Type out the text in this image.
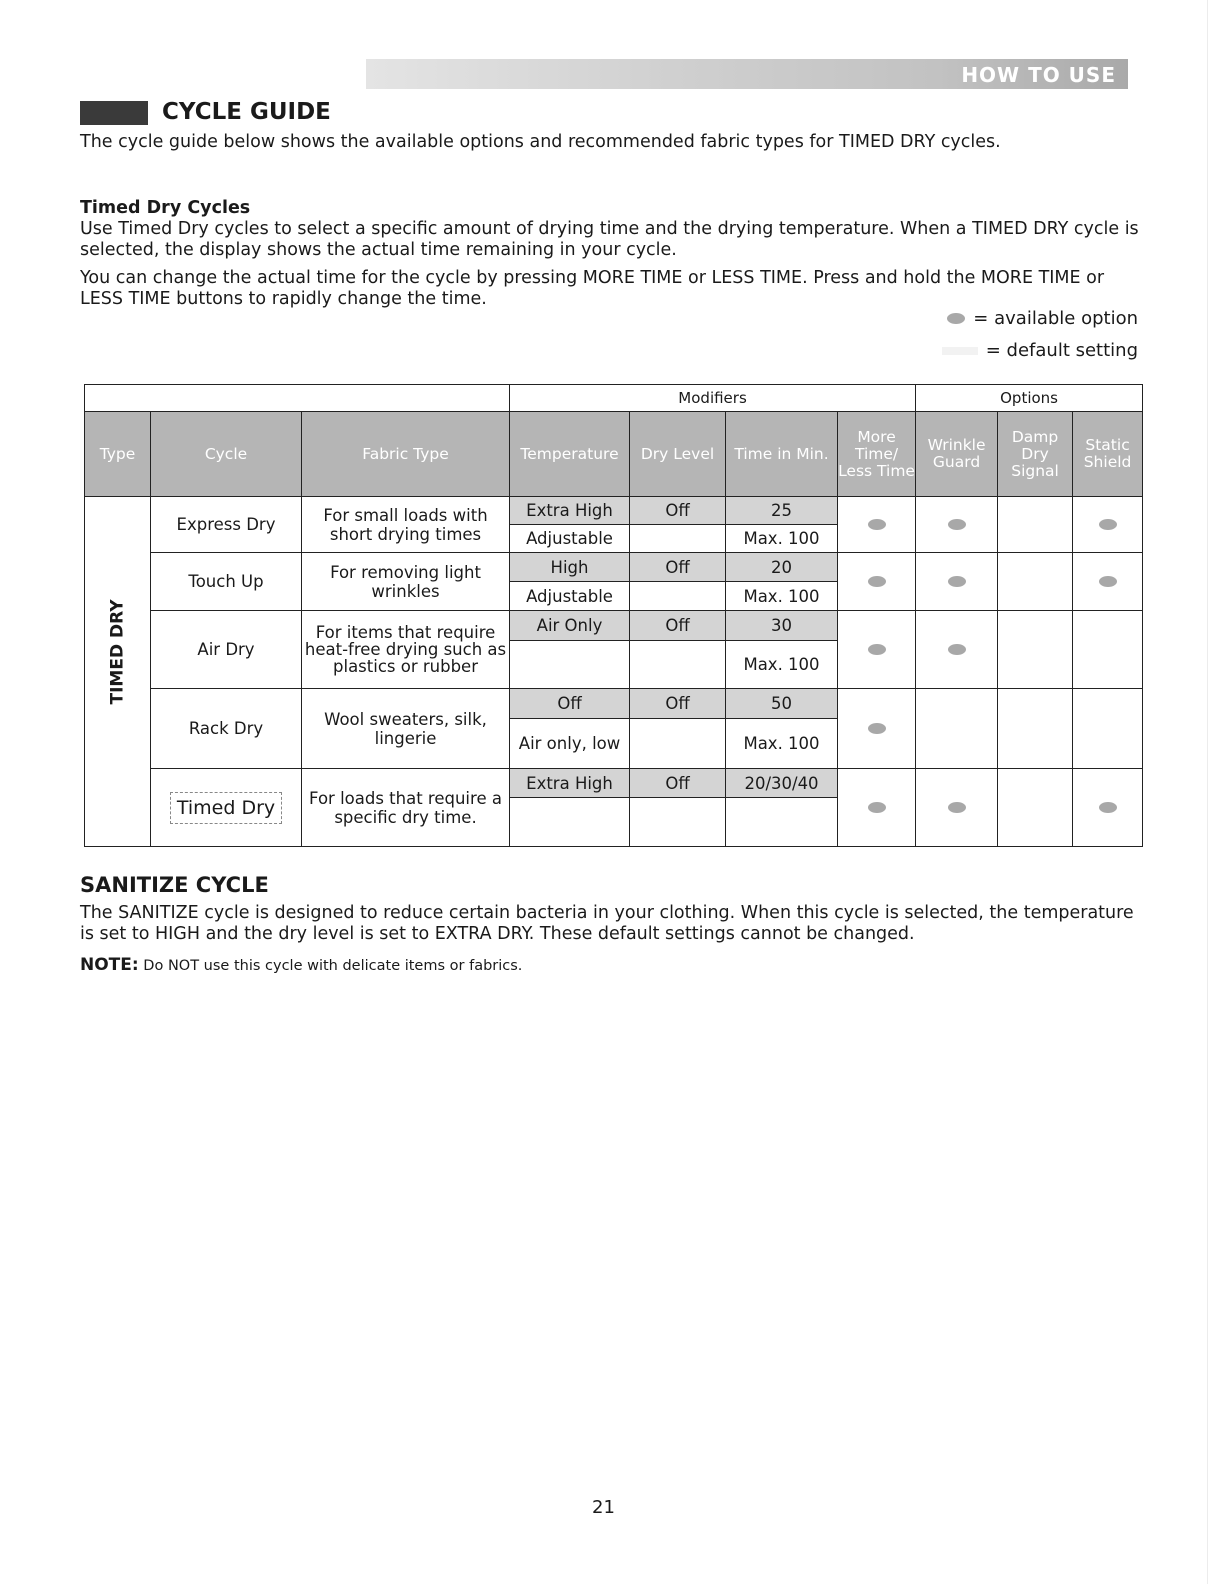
HOW TO USE
CYCLE GUIDE
The cycle guide below shows the available options and recommended fabric types for TIMED DRY cycles.
Timed Dry Cycles
Use Timed Dry cycles to select a specific amount of drying time and the drying temperature. When a TIMED DRY cycle is selected, the display shows the actual time remaining in your cycle.
You can change the actual time for the cycle by pressing MORE TIME or LESS TIME. Press and hold the MORE TIME or LESS TIME buttons to rapidly change the time.
= available option
= default setting
			Modifiers				Options		
Type	Cycle	Fabric Type	Temperature	Dry Level	Time in Min.	More Time/ Less Time	Wrinkle Guard	Damp Dry Signal	Static Shield

TIMED DRY	Express Dry	For small loads with short drying times	Extra High	Off	25				
			Adjustable		Max. 100				
	Touch Up	For removing light wrinkles	High	Off	20				
			Adjustable		Max. 100				
	Air Dry	For items that require heat-free drying such as plastics or rubber	Air Only	Off	30				
					Max. 100				
	Rack Dry	Wool sweaters, silk, lingerie	Off	Off	50				
			Air only, low		Max. 100				
	Timed Dry	For loads that require a specific dry time.	Extra High	Off	20/30/40				

SANITIZE CYCLE
The SANITIZE cycle is designed to reduce certain bacteria in your clothing. When this cycle is selected, the temperature is set to HIGH and the dry level is set to EXTRA DRY. These default settings cannot be changed.
NOTE: Do NOT use this cycle with delicate items or fabrics.
21
